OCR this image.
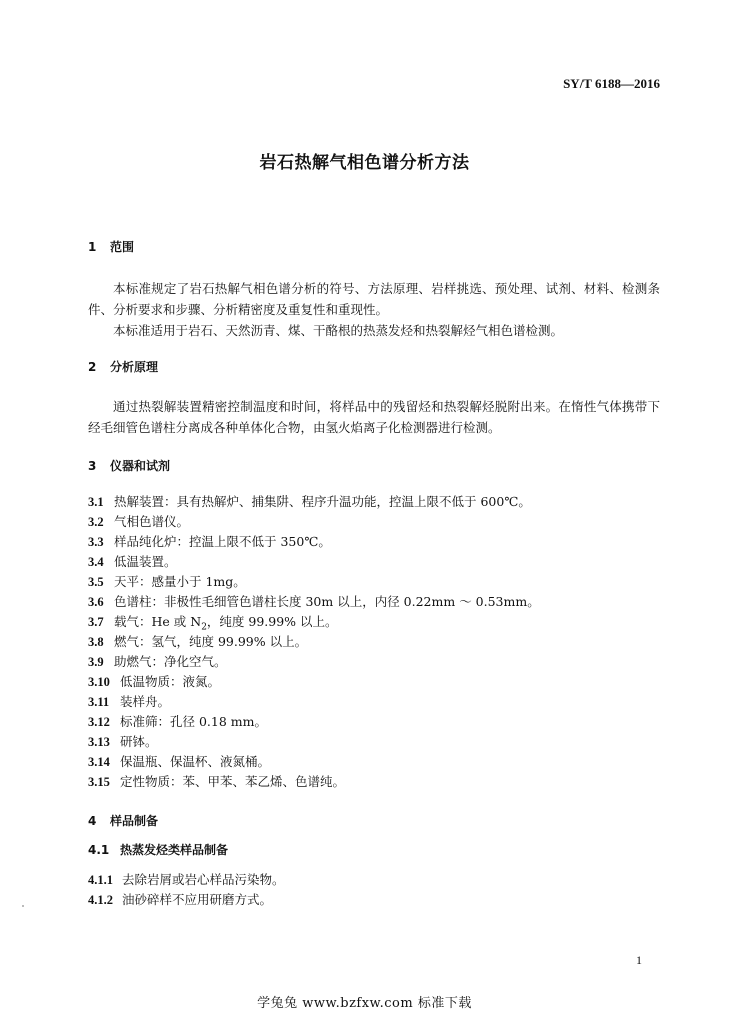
SY/T 6188—2016
岩石热解气相色谱分析方法
1 范围

本标准规定了岩石热解气相色谱分析的符号、方法原理、岩样挑选、预处理、试剂、材料、检测条件、分析要求和步骤、分析精密度及重复性和重现性。

本标准适用于岩石、天然沥青、煤、干酪根的热蒸发烃和热裂解烃气相色谱检测。

2 分析原理

通过热裂解装置精密控制温度和时间，将样品中的残留烃和热裂解烃脱附出来。在惰性气体携带下经毛细管色谱柱分离成各种单体化合物，由氢火焰离子化检测器进行检测。

3 仪器和试剂
3.1 热解装置：具有热解炉、捕集阱、程序升温功能，控温上限不低于 600℃。
3.2 气相色谱仪。
3.3 样品纯化炉：控温上限不低于 350℃。
3.4 低温装置。
3.5 天平：感量小于 1mg。
3.6 色谱柱：非极性毛细管色谱柱长度 30m 以上，内径 0.22mm ～ 0.53mm。
3.7 载气：He 或 $N_2$，纯度 99.99% 以上。
3.8 燃气：氢气，纯度 99.99% 以上。
3.9 助燃气：净化空气。
3.10 低温物质：液氮。
3.11 装样舟。
3.12 标准筛：孔径 0.18 mm。
3.13 研钵。
3.14 保温瓶、保温杯、液氮桶。
3.15 定性物质：苯、甲苯、苯乙烯、色谱纯。
4 样品制备
4.1 热蒸发烃类样品制备
4.1.1 去除岩屑或岩心样品污染物。
4.1.2 油砂碎样不应用研磨方式。
1
学兔兔 www.bzfxw.com 标准下载
